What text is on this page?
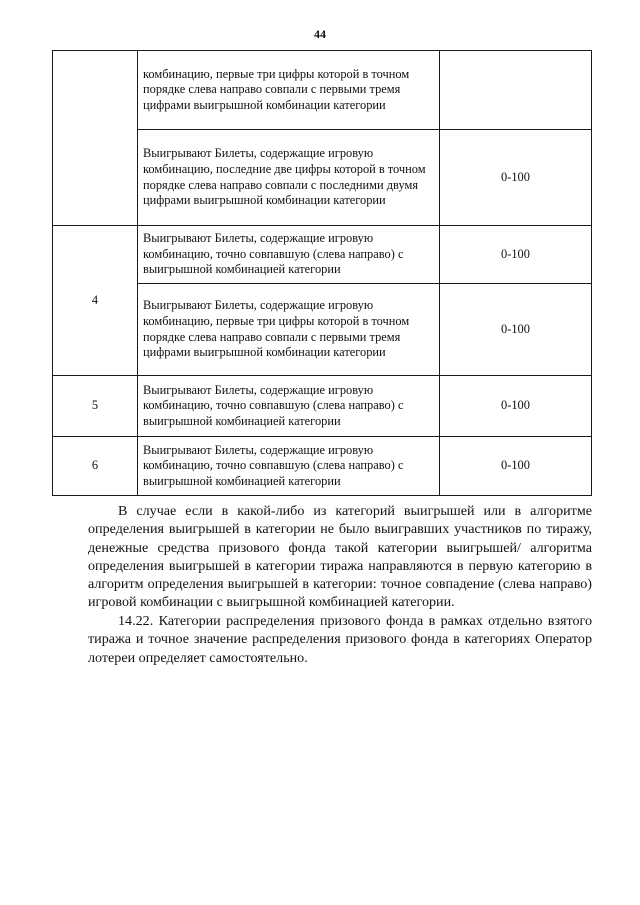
44
	комбинацию, первые три цифры которой в точном порядке слева направо совпали с первыми тремя цифрами выигрышной комбинации категории	
	Выигрывают Билеты, содержащие игровую комбинацию, последние две цифры которой в точном порядке слева направо совпали с последними двумя цифрами выигрышной комбинации категории	0-100
4	Выигрывают Билеты, содержащие игровую комбинацию, точно совпавшую (слева направо) с выигрышной комбинацией категории	0-100
	Выигрывают Билеты, содержащие игровую комбинацию, первые три цифры которой в точном порядке слева направо совпали с первыми тремя цифрами выигрышной комбинации категории	0-100
5	Выигрывают Билеты, содержащие игровую комбинацию, точно совпавшую (слева направо) с выигрышной комбинацией категории	0-100
6	Выигрывают Билеты, содержащие игровую комбинацию, точно совпавшую (слева направо) с выигрышной комбинацией категории	0-100

В случае если в какой-либо из категорий выигрышей или в алгоритме определения выигрышей в категории не было выигравших участников по тиражу, денежные средства призового фонда такой категории выигрышей/ алгоритма определения выигрышей в категории тиража направляются в первую категорию в алгоритм определения выигрышей в категории: точное совпадение (слева направо) игровой комбинации с выигрышной комбинацией категории.

14.22. Категории распределения призового фонда в рамках отдельно взятого тиража и точное значение распределения призового фонда в категориях Оператор лотереи определяет самостоятельно.
